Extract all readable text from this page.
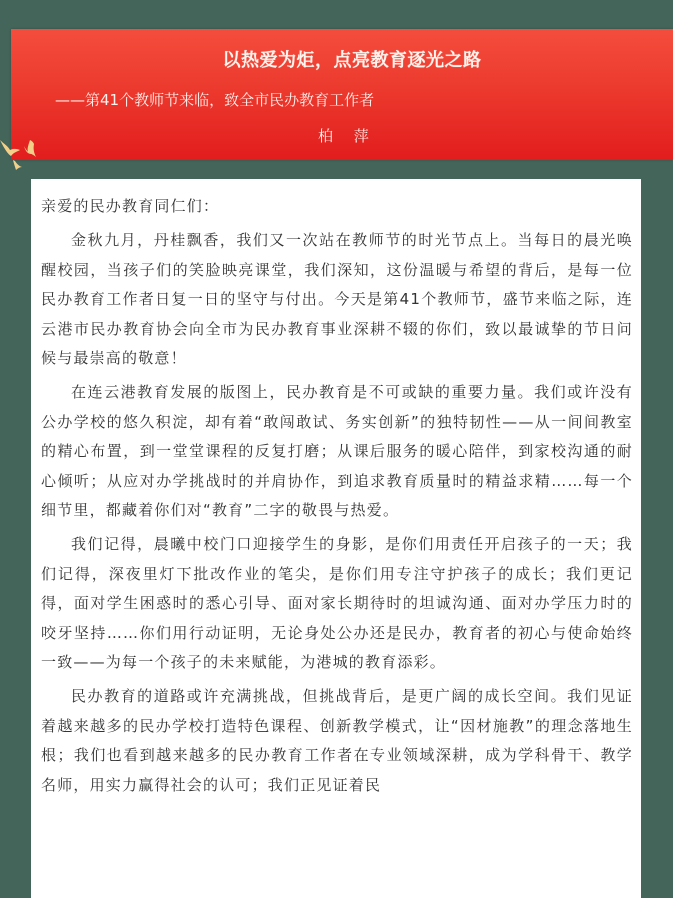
以热爱为炬，点亮教育逐光之路
——第41个教师节来临，致全市民办教育工作者
柏 萍

亲爱的民办教育同仁们：

金秋九月，丹桂飘香，我们又一次站在教师节的时光节点上。当每日的晨光唤醒校园，当孩子们的笑脸映亮课堂，我们深知，这份温暖与希望的背后，是每一位民办教育工作者日复一日的坚守与付出。今天是第41个教师节，盛节来临之际，连云港市民办教育协会向全市为民办教育事业深耕不辍的你们，致以最诚挚的节日问候与最崇高的敬意！

在连云港教育发展的版图上，民办教育是不可或缺的重要力量。我们或许没有公办学校的悠久积淀，却有着“敢闯敢试、务实创新”的独特韧性——从一间间教室的精心布置，到一堂堂课程的反复打磨；从课后服务的暖心陪伴，到家校沟通的耐心倾听；从应对办学挑战时的并肩协作，到追求教育质量时的精益求精……每一个细节里，都藏着你们对“教育”二字的敬畏与热爱。

我们记得，晨曦中校门口迎接学生的身影，是你们用责任开启孩子的一天；我们记得，深夜里灯下批改作业的笔尖，是你们用专注守护孩子的成长；我们更记得，面对学生困惑时的悉心引导、面对家长期待时的坦诚沟通、面对办学压力时的咬牙坚持……你们用行动证明，无论身处公办还是民办，教育者的初心与使命始终一致——为每一个孩子的未来赋能，为港城的教育添彩。

民办教育的道路或许充满挑战，但挑战背后，是更广阔的成长空间。我们见证着越来越多的民办学校打造特色课程、创新教学模式，让“因材施教”的理念落地生根；我们也看到越来越多的民办教育工作者在专业领域深耕，成为学科骨干、教学名师，用实力赢得社会的认可；我们正见证着民
